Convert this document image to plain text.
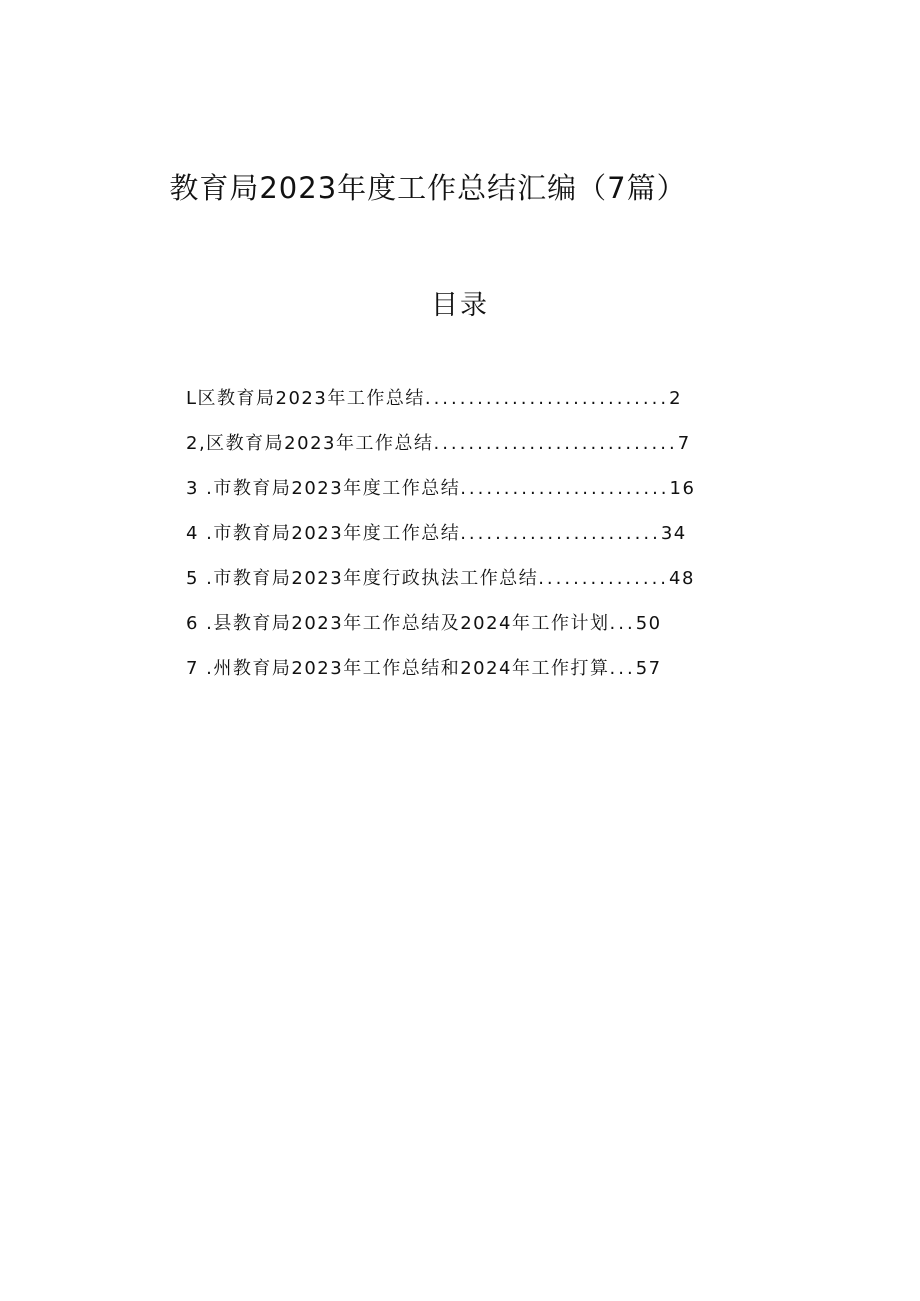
教育局2023年度工作总结汇编（7篇）
目录
L区教育局2023年工作总结............................2
2,区教育局2023年工作总结............................7
3 .市教育局2023年度工作总结........................16
4 .市教育局2023年度工作总结.......................34
5 .市教育局2023年度行政执法工作总结...............48
6 .县教育局2023年工作总结及2024年工作计划...50
7 .州教育局2023年工作总结和2024年工作打算...57
